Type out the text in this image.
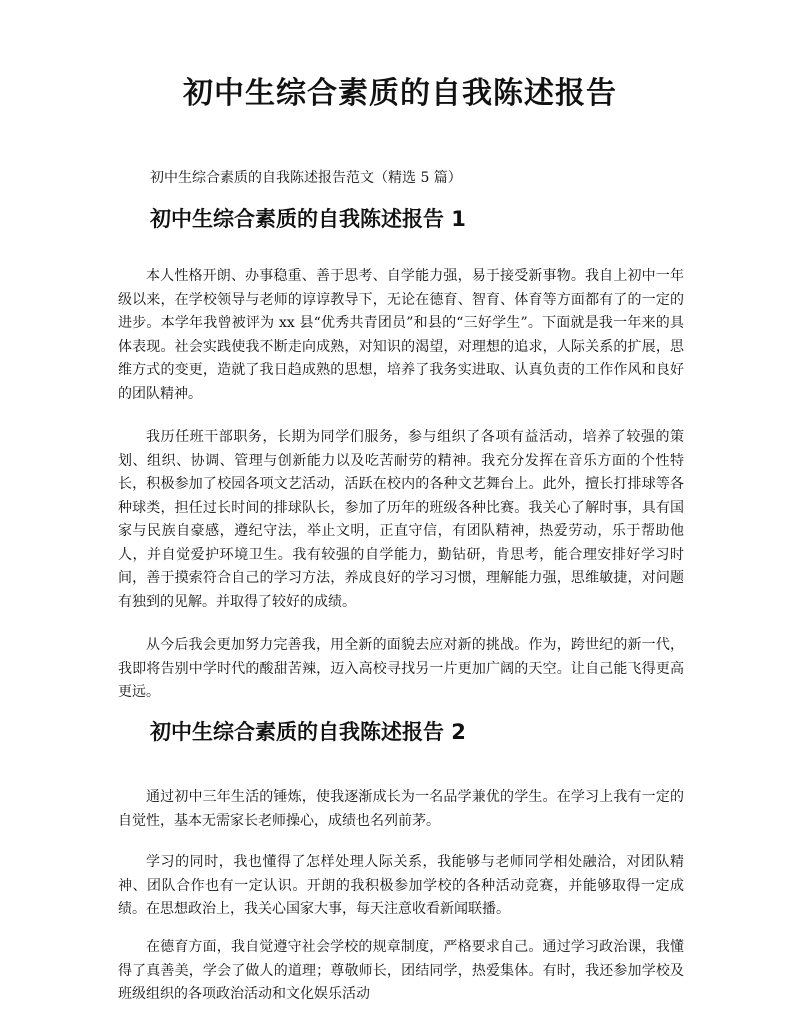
初中生综合素质的自我陈述报告
初中生综合素质的自我陈述报告范文（精选 5 篇）
初中生综合素质的自我陈述报告 1

本人性格开朗、办事稳重、善于思考、自学能力强，易于接受新事物。我自上初中一年级以来，在学校领导与老师的谆谆教导下，无论在德育、智育、体育等方面都有了的一定的进步。本学年我曾被评为 xx 县“优秀共青团员”和县的“三好学生”。下面就是我一年来的具体表现。社会实践使我不断走向成熟，对知识的渴望，对理想的追求，人际关系的扩展，思维方式的变更，造就了我日趋成熟的思想，培养了我务实进取、认真负责的工作作风和良好的团队精神。

我历任班干部职务，长期为同学们服务，参与组织了各项有益活动，培养了较强的策划、组织、协调、管理与创新能力以及吃苦耐劳的精神。我充分发挥在音乐方面的个性特长，积极参加了校园各项文艺活动，活跃在校内的各种文艺舞台上。此外，擅长打排球等各种球类，担任过长时间的排球队长，参加了历年的班级各种比赛。我关心了解时事，具有国家与民族自豪感，遵纪守法，举止文明，正直守信，有团队精神，热爱劳动，乐于帮助他人，并自觉爱护环境卫生。我有较强的自学能力，勤钻研，肯思考，能合理安排好学习时间，善于摸索符合自己的学习方法，养成良好的学习习惯，理解能力强，思维敏捷，对问题有独到的见解。并取得了较好的成绩。

从今后我会更加努力完善我，用全新的面貌去应对新的挑战。作为，跨世纪的新一代，我即将告别中学时代的酸甜苦辣，迈入高校寻找另一片更加广阔的天空。让自己能飞得更高更远。

初中生综合素质的自我陈述报告 2

通过初中三年生活的锤炼，使我逐渐成长为一名品学兼优的学生。在学习上我有一定的自觉性，基本无需家长老师操心，成绩也名列前茅。

学习的同时，我也懂得了怎样处理人际关系，我能够与老师同学相处融洽，对团队精神、团队合作也有一定认识。开朗的我积极参加学校的各种活动竞赛，并能够取得一定成绩。在思想政治上，我关心国家大事，每天注意收看新闻联播。

在德育方面，我自觉遵守社会学校的规章制度，严格要求自己。通过学习政治课，我懂得了真善美，学会了做人的道理；尊敬师长，团结同学，热爱集体。有时，我还参加学校及班级组织的各项政治活动和文化娱乐活动
